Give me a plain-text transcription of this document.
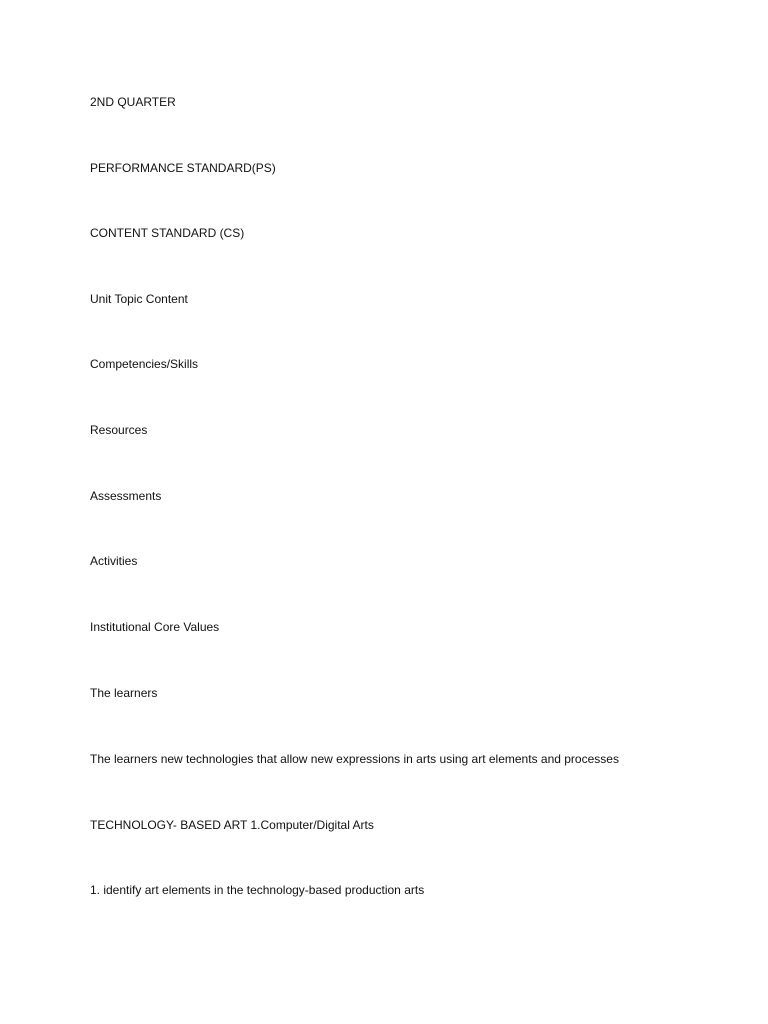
2ND QUARTER

PERFORMANCE STANDARD(PS)

CONTENT STANDARD (CS)

Unit Topic Content

Competencies/Skills

Resources

Assessments

Activities

Institutional Core Values

The learners

The learners new technologies that allow new expressions in arts using art elements and processes

TECHNOLOGY- BASED ART 1.Computer/Digital Arts

1. identify art elements in the technology-based production arts
